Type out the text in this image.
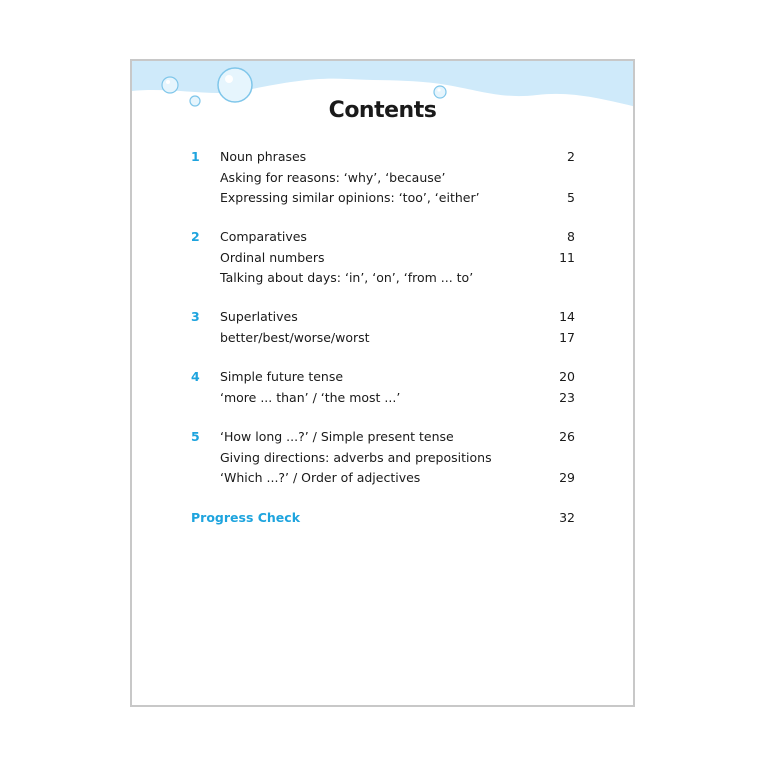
Contents
1 Noun phrases	2
Asking for reasons: ‘why’, ‘because’
Expressing similar opinions: ‘too’, ‘either’	5
2 Comparatives	8
Ordinal numbers	11
Talking about days: ‘in’, ‘on’, ‘from ... to’
3 Superlatives	14
better/best/worse/worst	17
4 Simple future tense	20
‘more ... than’ / ‘the most ...’	23
5 ‘How long ...?’ / Simple present tense	26
Giving directions: adverbs and prepositions
‘Which ...?’ / Order of adjectives	29
Progress Check	32
